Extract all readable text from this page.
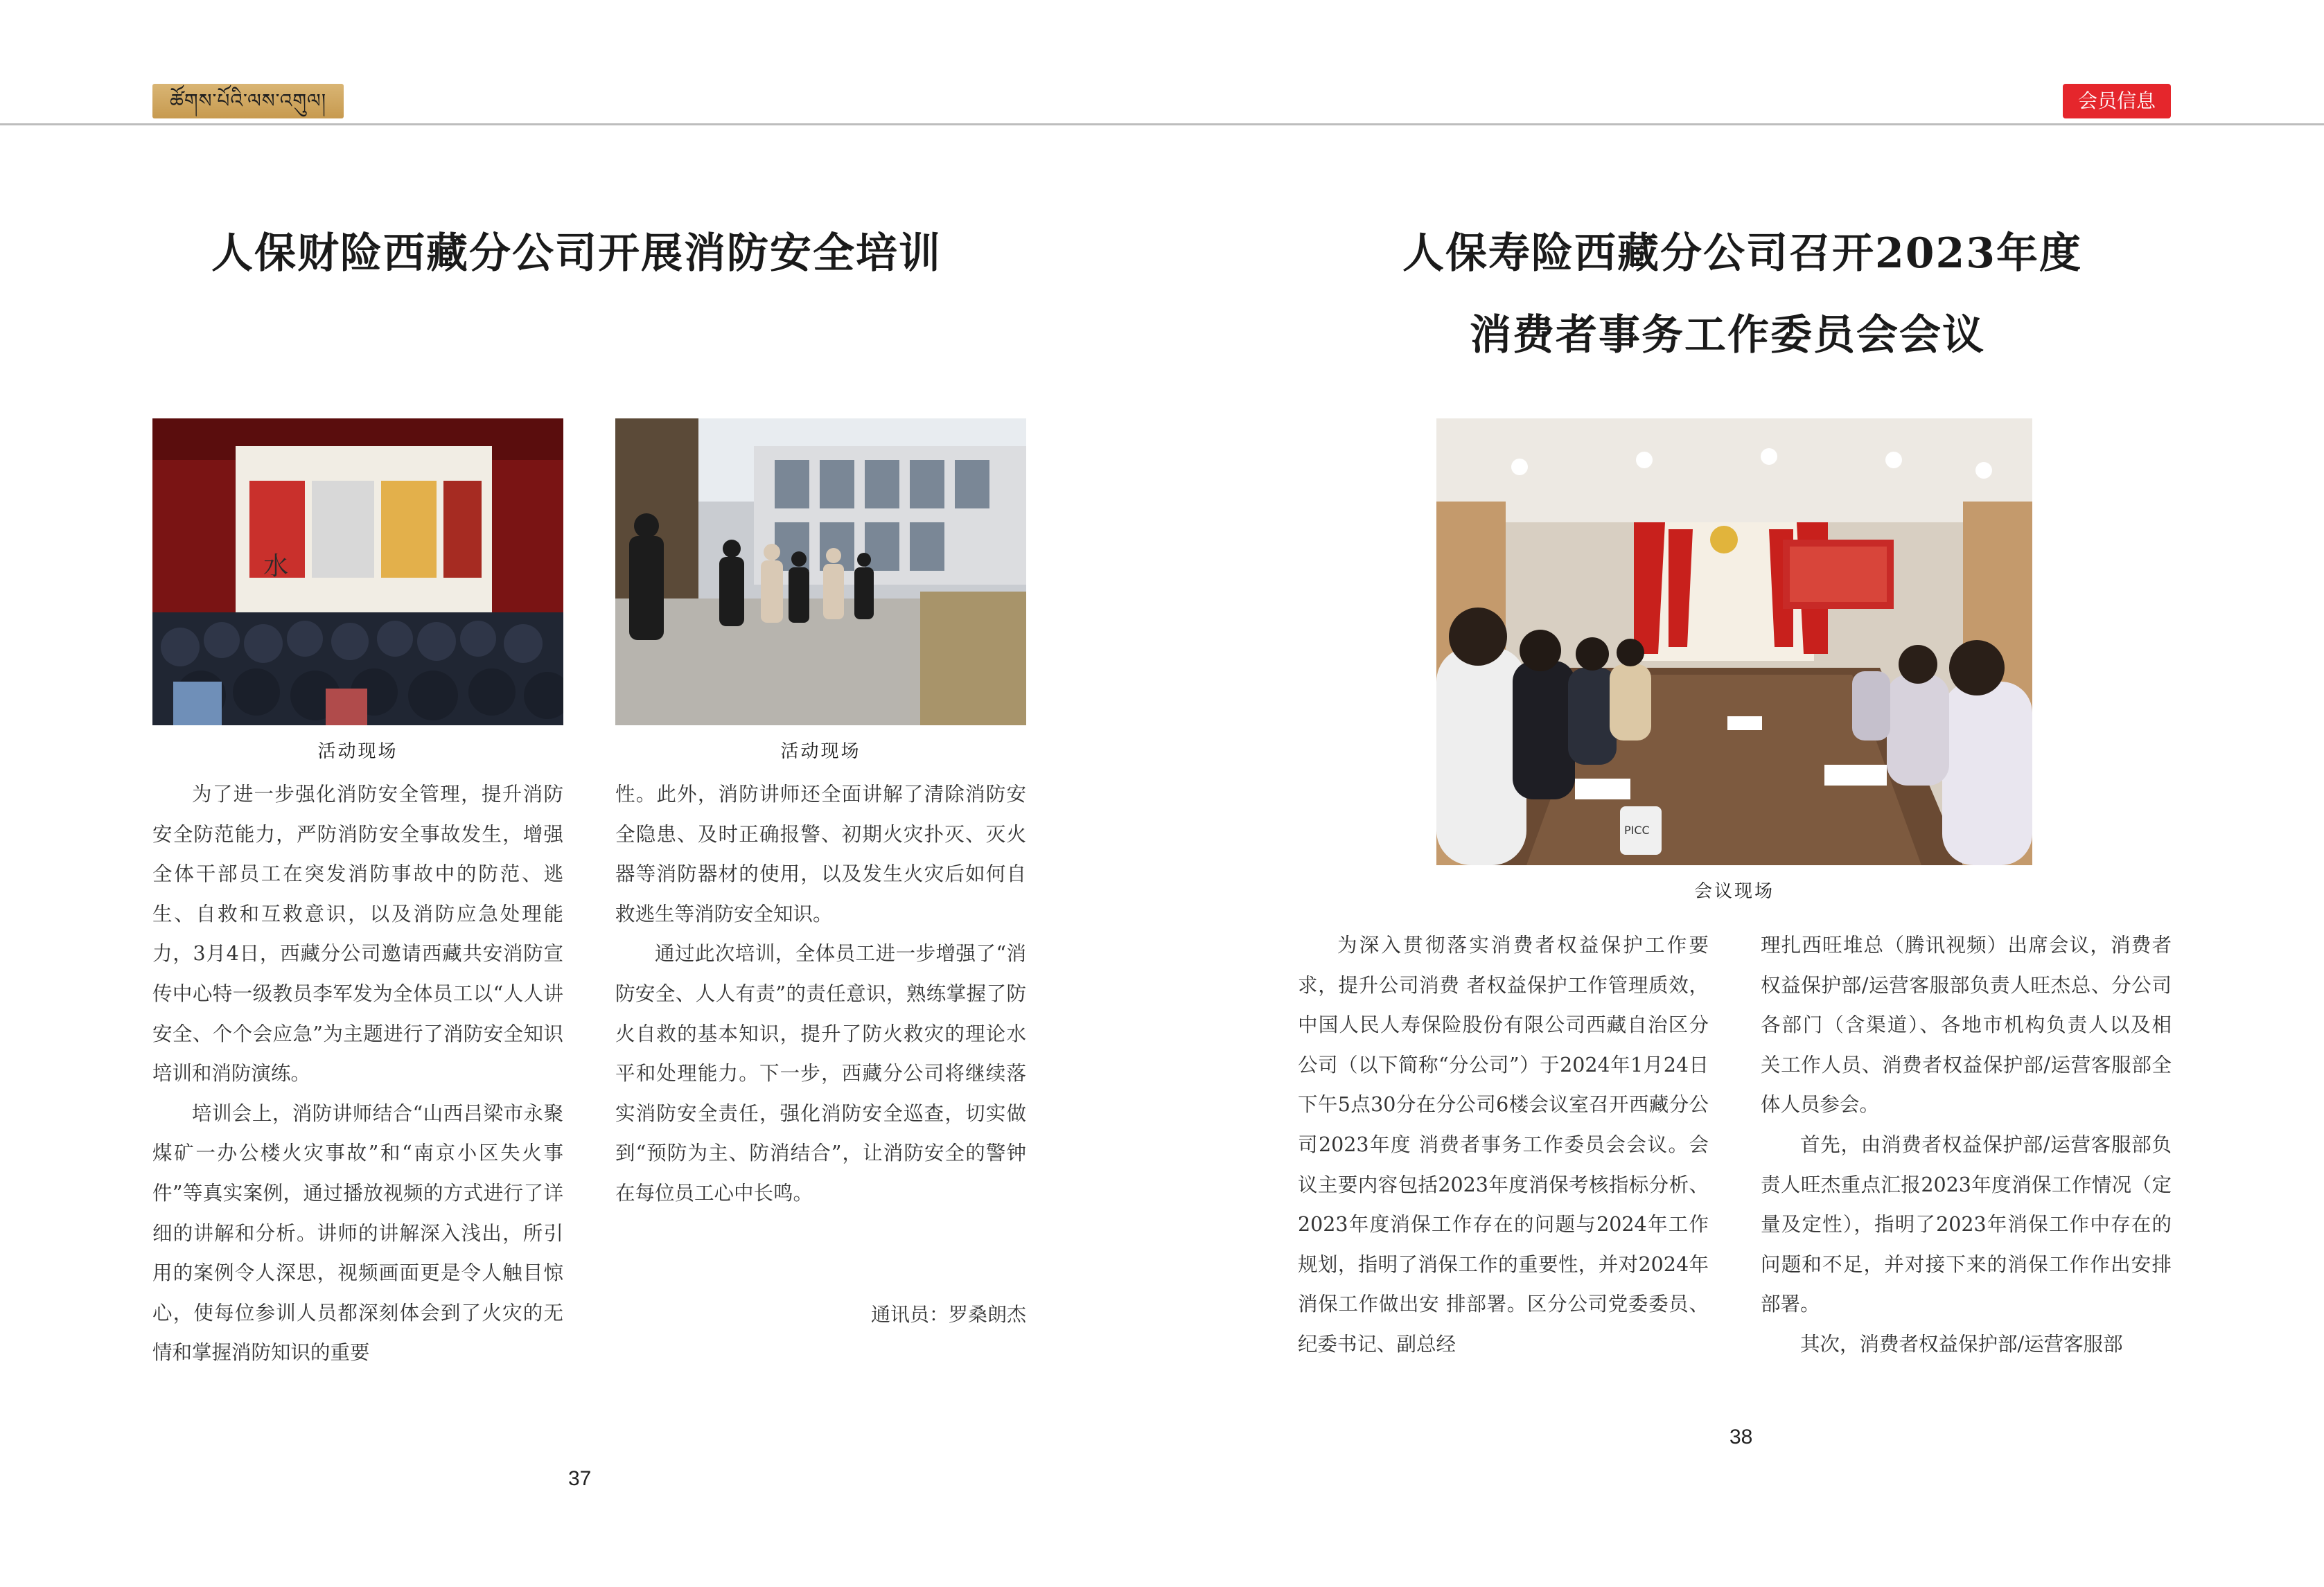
ཚོགས་པོའི་ལས་འགུལ།	会员信息
人保财险西藏分公司开展消防安全培训
水
活动现场	活动现场

为了进一步强化消防安全管理，提升消防安全防范能力，严防消防安全事故发生，增强全体干部员工在突发消防事故中的防范、逃生、自救和互救意识，以及消防应急处理能力，3月4日，西藏分公司邀请西藏共安消防宣传中心特一级教员李军发为全体员工以“人人讲安全、个个会应急”为主题进行了消防安全知识培训和消防演练。

培训会上，消防讲师结合“山西吕梁市永聚煤矿一办公楼火灾事故”和“南京小区失火事件”等真实案例，通过播放视频的方式进行了详细的讲解和分析。讲师的讲解深入浅出，所引用的案例令人深思，视频画面更是令人触目惊心，使每位参训人员都深刻体会到了火灾的无情和掌握消防知识的重要

性。此外，消防讲师还全面讲解了清除消防安全隐患、及时正确报警、初期火灾扑灭、灭火器等消防器材的使用，以及发生火灾后如何自救逃生等消防安全知识。

通过此次培训，全体员工进一步增强了“消防安全、人人有责”的责任意识，熟练掌握了防火自救的基本知识，提升了防火救灾的理论水平和处理能力。下一步，西藏分公司将继续落实消防安全责任，强化消防安全巡查，切实做到“预防为主、防消结合”，让消防安全的警钟在每位员工心中长鸣。

通讯员：罗桑朗杰
37
人保寿险西藏分公司召开2023年度
消费者事务工作委员会会议
PICC
会议现场

为深入贯彻落实消费者权益保护工作要求，提升公司消费 者权益保护工作管理质效，中国人民人寿保险股份有限公司西藏自治区分公司（以下简称“分公司”）于2024年1月24日下午5点30分在分公司6楼会议室召开西藏分公司2023年度 消费者事务工作委员会会议。会议主要内容包括2023年度消保考核指标分析、2023年度消保工作存在的问题与2024年工作规划，指明了消保工作的重要性，并对2024年消保工作做出安 排部署。区分公司党委委员、纪委书记、副总经

理扎西旺堆总（腾讯视频）出席会议，消费者权益保护部/运营客服部负责人旺杰总、分公司各部门（含渠道）、各地市机构负责人以及相 关工作人员、消费者权益保护部/运营客服部全体人员参会。

首先，由消费者权益保护部/运营客服部负责人旺杰重点汇报2023年度消保工作情况（定量及定性），指明了2023年消保工作中存在的问题和不足，并对接下来的消保工作作出安排部署。

其次，消费者权益保护部/运营客服部

38
